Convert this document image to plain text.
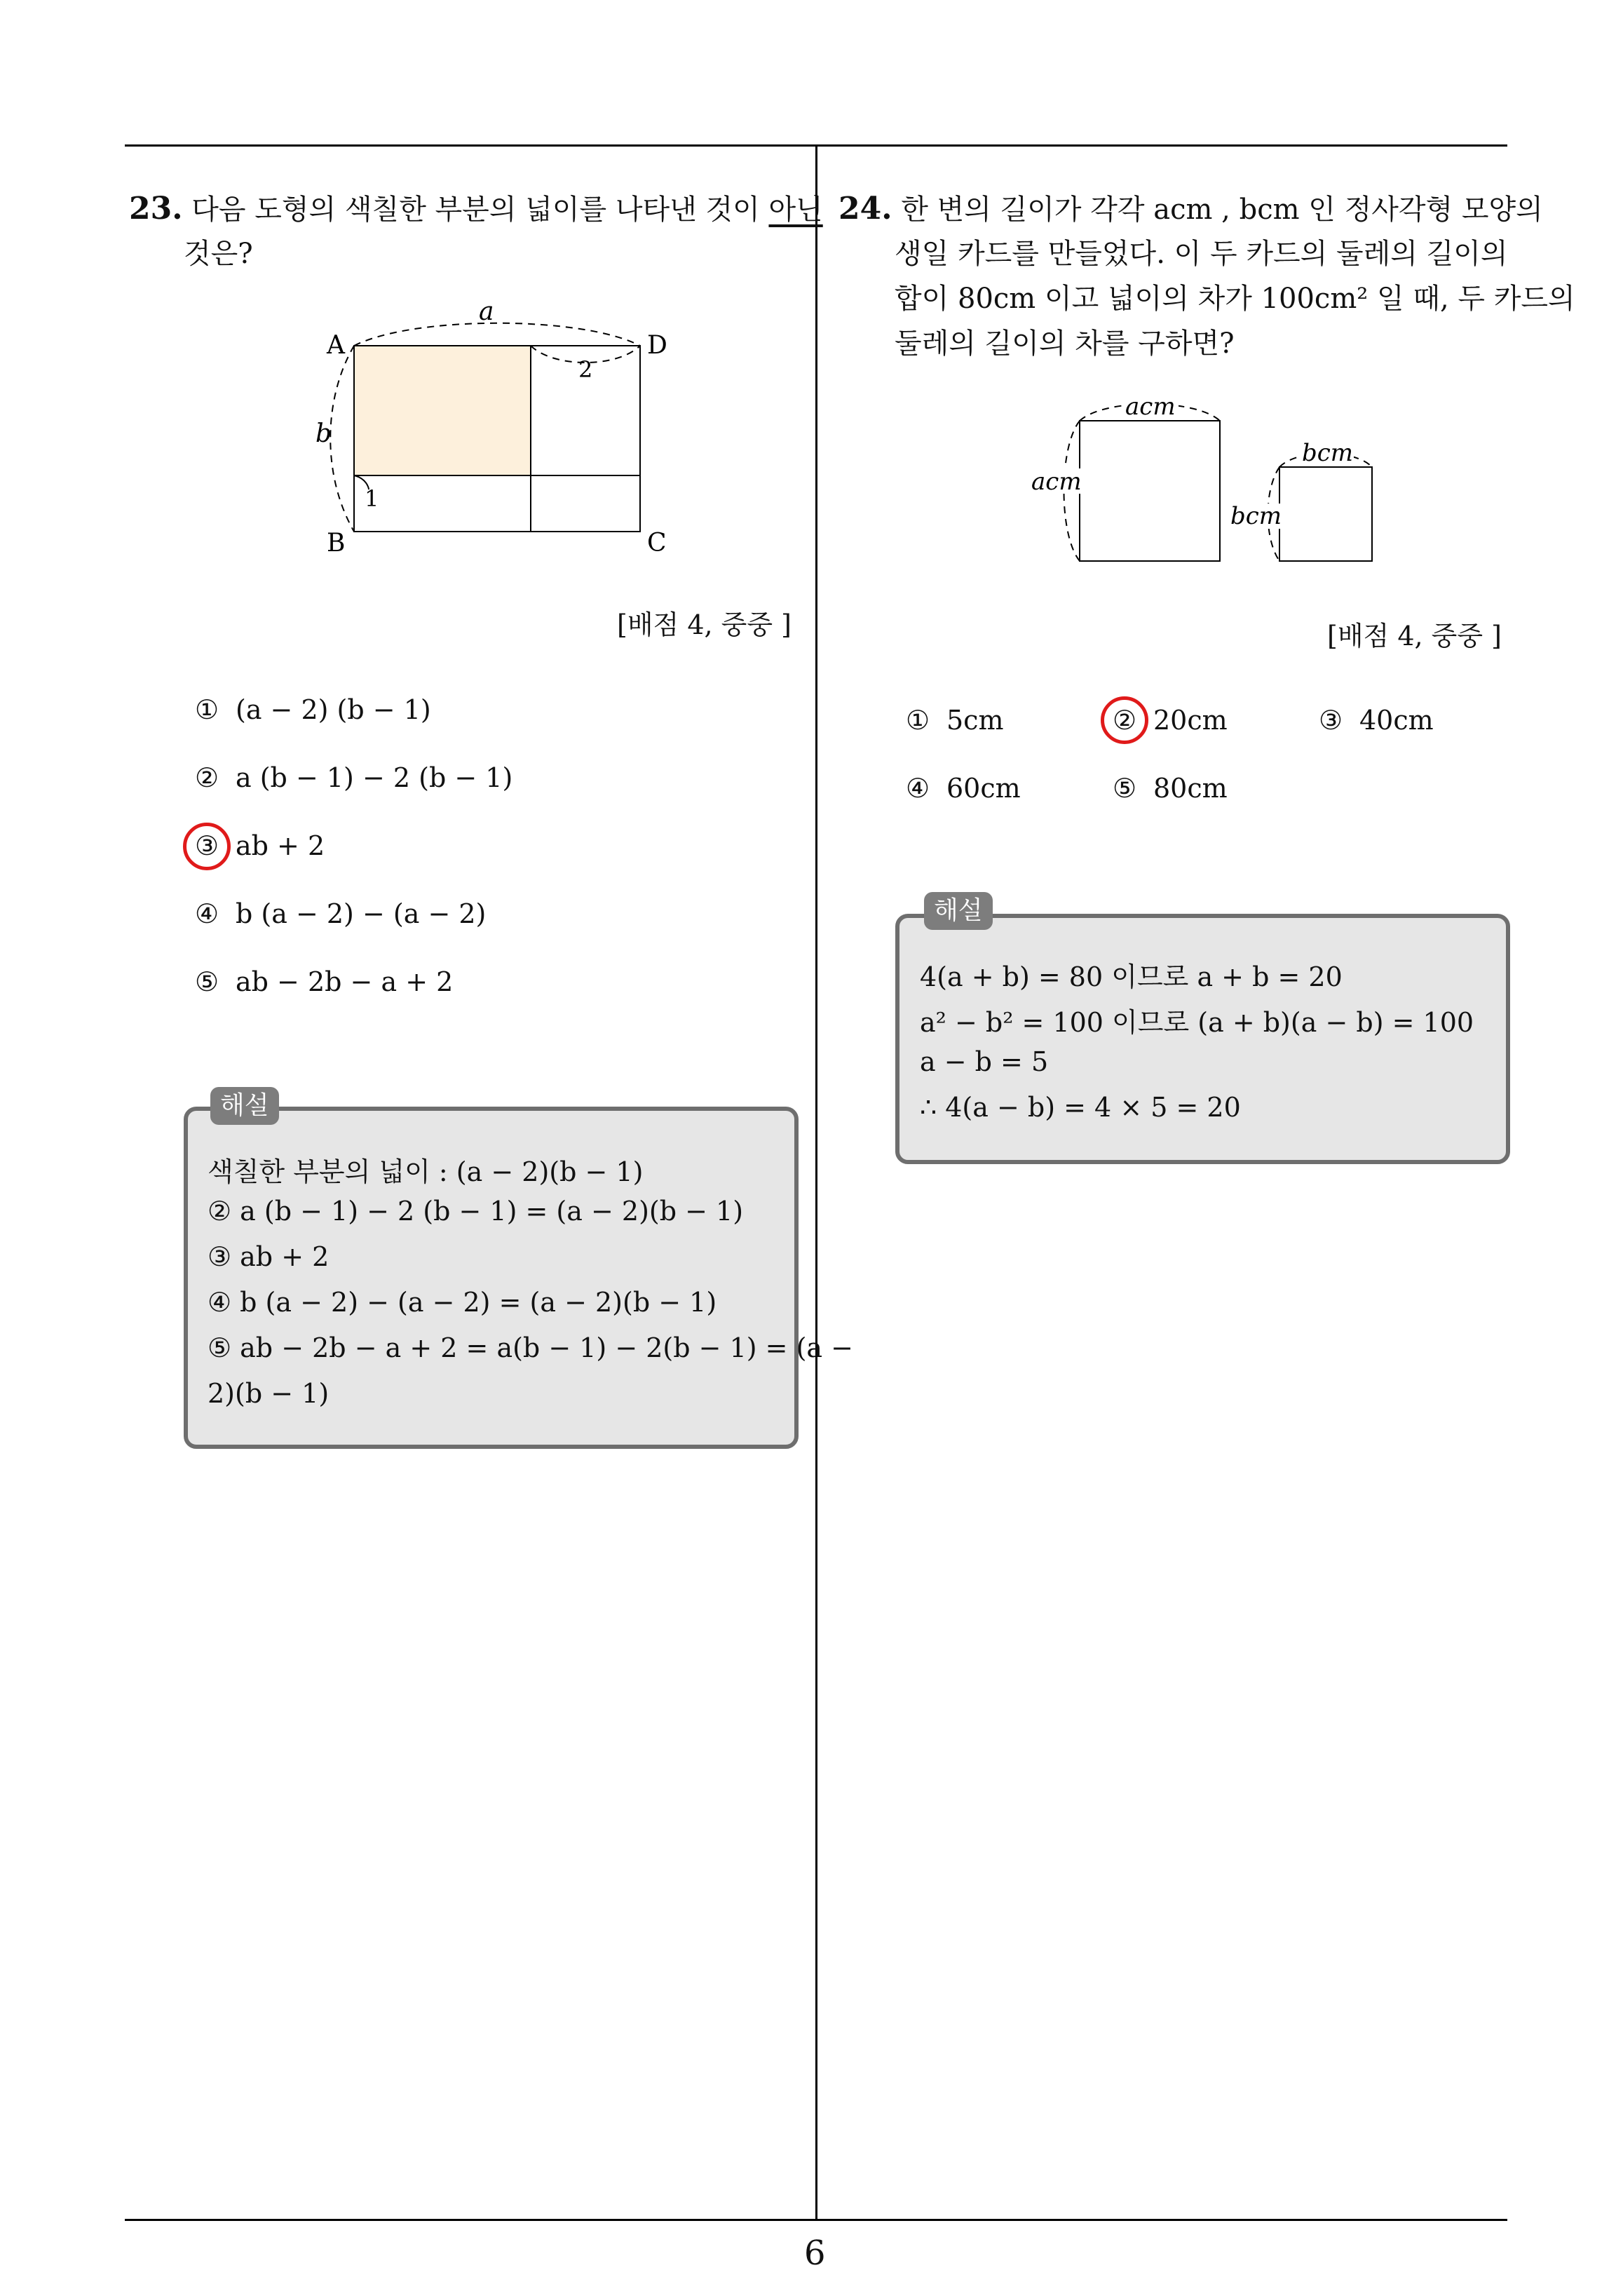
23. 다음 도형의 색칠한 부분의 넓이를 나타낸 것이 아닌
것은?
A	D
B	C
a
b
2
1
[배점 4, 중중 ]
① (a − 2) (b − 1)
② a (b − 1) − 2 (b − 1)
③ ab + 2
④ b (a − 2) − (a − 2)
⑤ ab − 2b − a + 2
해설
색칠한 부분의 넓이 : (a − 2)(b − 1)
② a (b − 1) − 2 (b − 1) = (a − 2)(b − 1)
③ ab + 2
④ b (a − 2) − (a − 2) = (a − 2)(b − 1)
⑤ ab − 2b − a + 2 = a(b − 1) − 2(b − 1) = (a −
2)(b − 1)
24. 한 변의 길이가 각각 acm , bcm 인 정사각형 모양의
생일 카드를 만들었다. 이 두 카드의 둘레의 길이의
합이 80cm 이고 넓이의 차가 100cm² 일 때, 두 카드의
둘레의 길이의 차를 구하면?
acm
bcm
acm
bcm
[배점 4, 중중 ]
① 5cm	② 20cm	③ 40cm
④ 60cm	⑤ 80cm
해설
4(a + b) = 80 이므로 a + b = 20
a² − b² = 100 이므로 (a + b)(a − b) = 100
a − b = 5
∴ 4(a − b) = 4 × 5 = 20
6
